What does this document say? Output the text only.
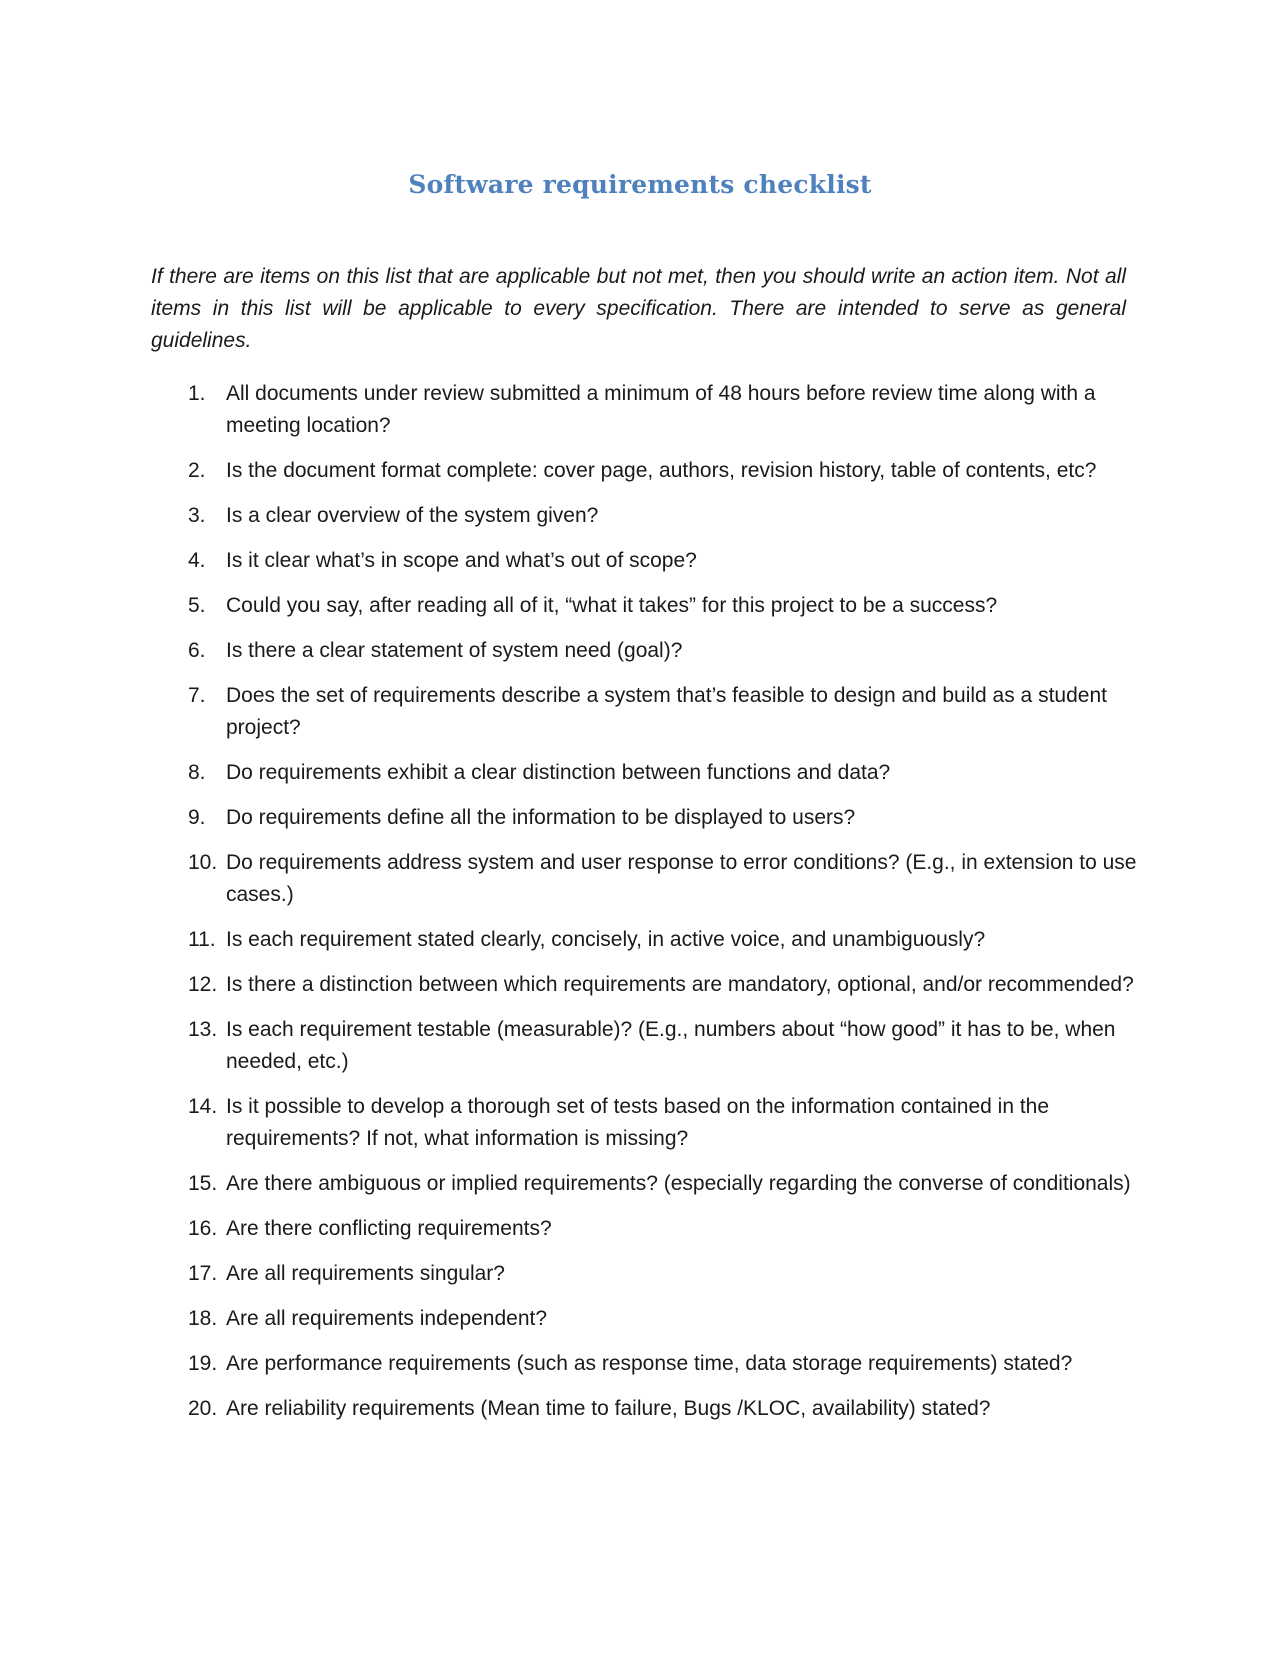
Software requirements checklist

If there are items on this list that are applicable but not met, then you should write an action item. Not all items in this list will be applicable to every specification. There are intended to serve as general guidelines.

1. All documents under review submitted a minimum of 48 hours before review time along with a meeting location?
2. Is the document format complete: cover page, authors, revision history, table of contents, etc?
3. Is a clear overview of the system given?
4. Is it clear what’s in scope and what’s out of scope?
5. Could you say, after reading all of it, “what it takes” for this project to be a success?
6. Is there a clear statement of system need (goal)?
7. Does the set of requirements describe a system that’s feasible to design and build as a student project?
8. Do requirements exhibit a clear distinction between functions and data?
9. Do requirements define all the information to be displayed to users?
10. Do requirements address system and user response to error conditions? (E.g., in extension to use cases.)
11. Is each requirement stated clearly, concisely, in active voice, and unambiguously?
12. Is there a distinction between which requirements are mandatory, optional, and/or recommended?
13. Is each requirement testable (measurable)? (E.g., numbers about “how good” it has to be, when needed, etc.)
14. Is it possible to develop a thorough set of tests based on the information contained in the requirements? If not, what information is missing?
15. Are there ambiguous or implied requirements? (especially regarding the converse of conditionals)
16. Are there conflicting requirements?
17. Are all requirements singular?
18. Are all requirements independent?
19. Are performance requirements (such as response time, data storage requirements) stated?
20. Are reliability requirements (Mean time to failure, Bugs /KLOC, availability) stated?
